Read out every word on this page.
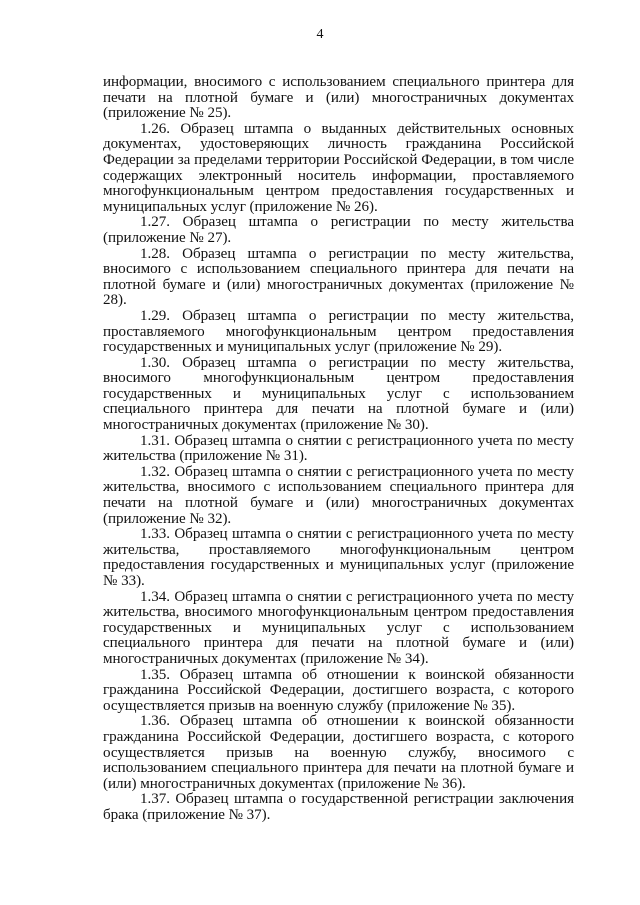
4

информации, вносимого с использованием специального принтера для печати на плотной бумаге и (или) многостраничных документах (приложение № 25).

1.26. Образец штампа о выданных действительных основных документах, удостоверяющих личность гражданина Российской Федерации за пределами территории Российской Федерации, в том числе содержащих электронный носитель информации, проставляемого многофункциональным центром предоставления государственных и муниципальных услуг (приложение № 26).

1.27. Образец штампа о регистрации по месту жительства (приложение № 27).

1.28. Образец штампа о регистрации по месту жительства, вносимого с использованием специального принтера для печати на плотной бумаге и (или) многостраничных документах (приложение № 28).

1.29. Образец штампа о регистрации по месту жительства, проставляемого многофункциональным центром предоставления государственных и муниципальных услуг (приложение № 29).

1.30. Образец штампа о регистрации по месту жительства, вносимого многофункциональным центром предоставления государственных и муниципальных услуг с использованием специального принтера для печати на плотной бумаге и (или) многостраничных документах (приложение № 30).

1.31. Образец штампа о снятии с регистрационного учета по месту жительства (приложение № 31).

1.32. Образец штампа о снятии с регистрационного учета по месту жительства, вносимого с использованием специального принтера для печати на плотной бумаге и (или) многостраничных документах (приложение № 32).

1.33. Образец штампа о снятии с регистрационного учета по месту жительства, проставляемого многофункциональным центром предоставления государственных и муниципальных услуг (приложение № 33).

1.34. Образец штампа о снятии с регистрационного учета по месту жительства, вносимого многофункциональным центром предоставления государственных и муниципальных услуг с использованием специального принтера для печати на плотной бумаге и (или) многостраничных документах (приложение № 34).

1.35. Образец штампа об отношении к воинской обязанности гражданина Российской Федерации, достигшего возраста, с которого осуществляется призыв на военную службу (приложение № 35).

1.36. Образец штампа об отношении к воинской обязанности гражданина Российской Федерации, достигшего возраста, с которого осуществляется призыв на военную службу, вносимого с использованием специального принтера для печати на плотной бумаге и (или) многостраничных документах (приложение № 36).

1.37. Образец штампа о государственной регистрации заключения брака (приложение № 37).
